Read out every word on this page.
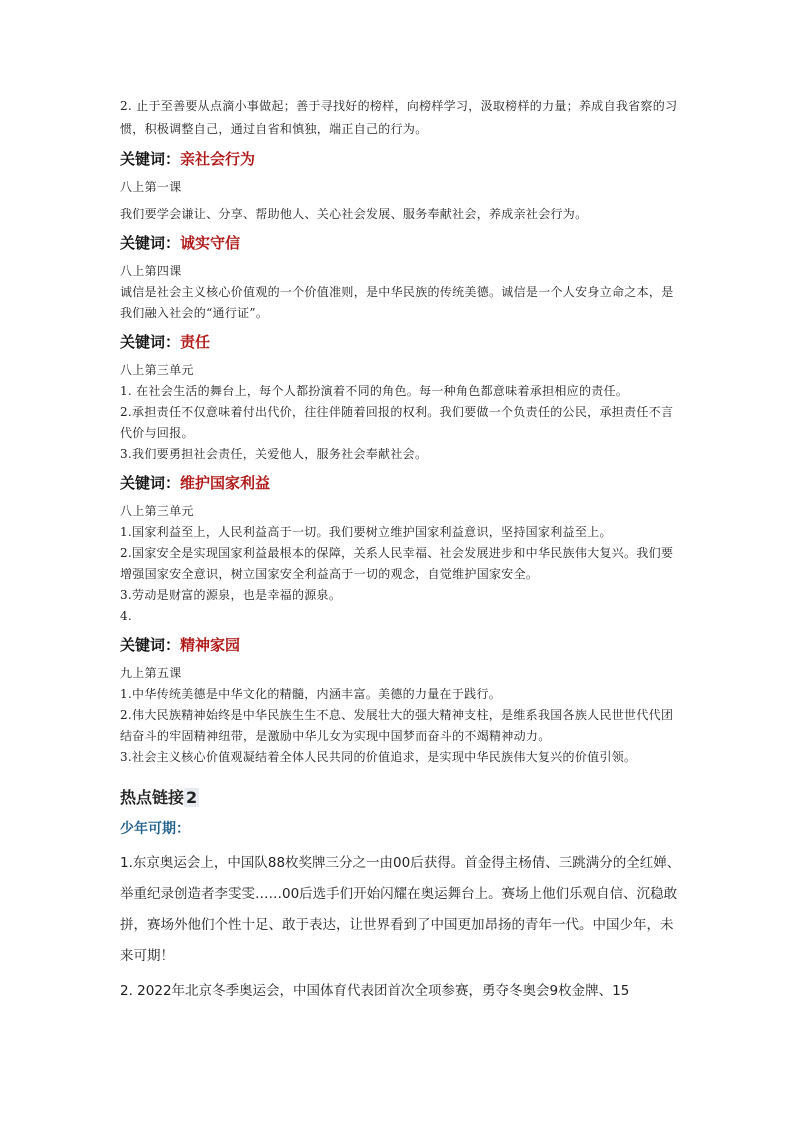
2. 止于至善要从点滴小事做起；善于寻找好的榜样，向榜样学习，汲取榜样的力量；养成自我省察的习惯，积极调整自己，通过自省和慎独，端正自己的行为。

关键词：亲社会行为

八上第一课

我们要学会谦让、分享、帮助他人、关心社会发展、服务奉献社会，养成亲社会行为。

关键词：诚实守信

八上第四课

诚信是社会主义核心价值观的一个价值准则，是中华民族的传统美德。诚信是一个人安身立命之本，是我们融入社会的“通行证”。

关键词：责任

八上第三单元

1. 在社会生活的舞台上，每个人都扮演着不同的角色。每一种角色都意味着承担相应的责任。

2.承担责任不仅意味着付出代价，往往伴随着回报的权利。我们要做一个负责任的公民，承担责任不言代价与回报。

3.我们要勇担社会责任，关爱他人，服务社会奉献社会。

关键词：维护国家利益

八上第三单元

1.国家利益至上，人民利益高于一切。我们要树立维护国家利益意识，坚持国家利益至上。

2.国家安全是实现国家利益最根本的保障，关系人民幸福、社会发展进步和中华民族伟大复兴。我们要增强国家安全意识，树立国家安全利益高于一切的观念，自觉维护国家安全。

3.劳动是财富的源泉，也是幸福的源泉。

4.

关键词：精神家园

九上第五课

1.中华传统美德是中华文化的精髓，内涵丰富。美德的力量在于践行。

2.伟大民族精神始终是中华民族生生不息、发展壮大的强大精神支柱，是维系我国各族人民世世代代团结奋斗的牢固精神纽带，是激励中华儿女为实现中国梦而奋斗的不竭精神动力。

3.社会主义核心价值观凝结着全体人民共同的价值追求，是实现中华民族伟大复兴的价值引领。

热点链接 2
少年可期：

1.东京奥运会上，中国队88枚奖牌三分之一由00后获得。首金得主杨倩、三跳满分的全红婵、举重纪录创造者李雯雯……00后选手们开始闪耀在奥运舞台上。赛场上他们乐观自信、沉稳敢拼，赛场外他们个性十足、敢于表达，让世界看到了中国更加昂扬的青年一代。中国少年，未来可期！

2. 2022年北京冬季奥运会，中国体育代表团首次全项参赛，勇夺冬奥会9枚金牌、15
